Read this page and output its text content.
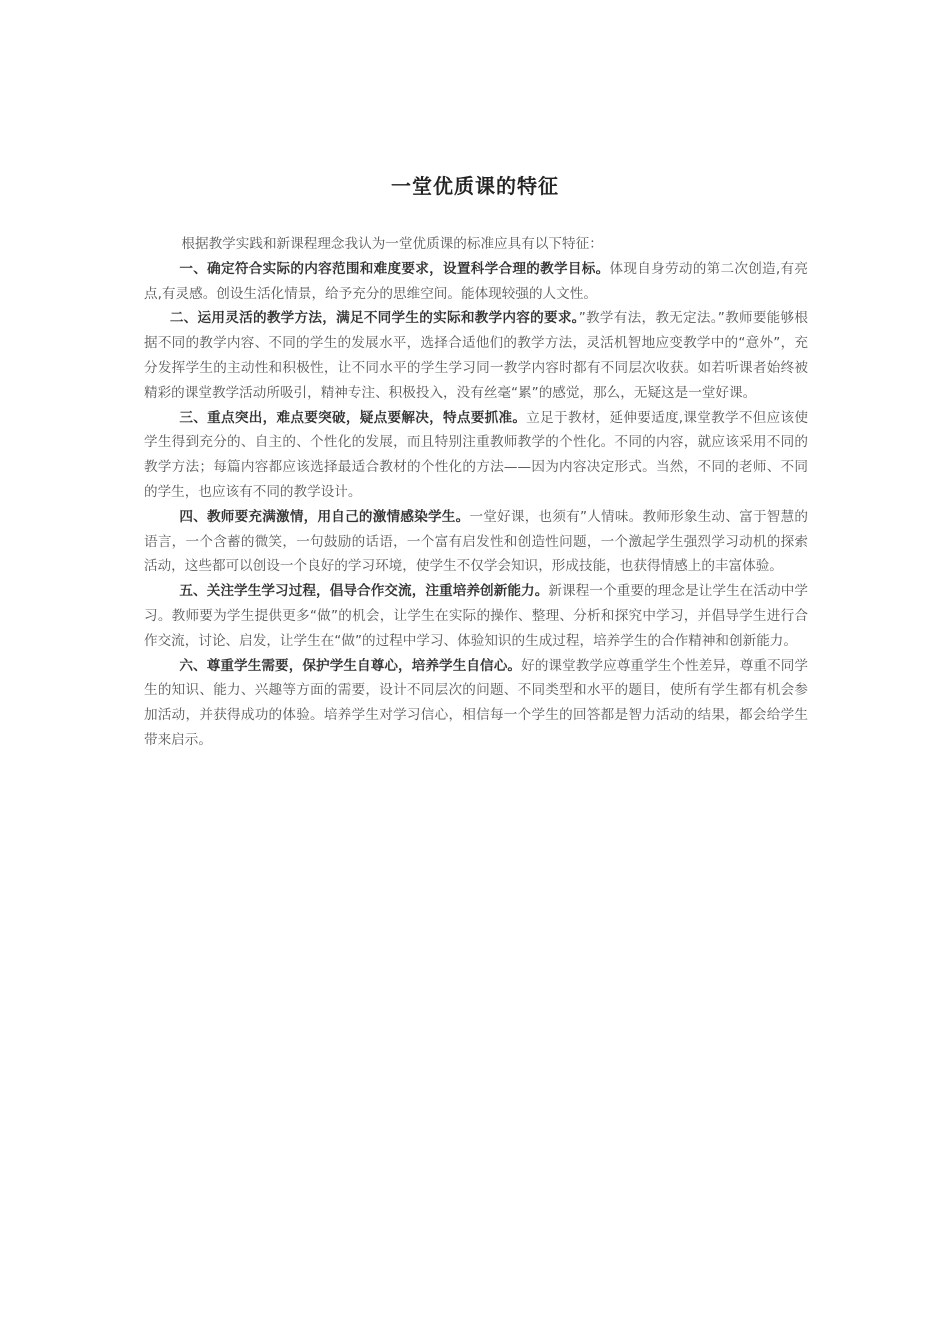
一堂优质课的特征

根据教学实践和新课程理念我认为一堂优质课的标准应具有以下特征：

一、确定符合实际的内容范围和难度要求，设置科学合理的教学目标。体现自身劳动的第二次创造,有亮点,有灵感。创设生活化情景，给予充分的思维空间。能体现较强的人文性。

二、运用灵活的教学方法，满足不同学生的实际和教学内容的要求。”教学有法，教无定法。”教师要能够根据不同的教学内容、不同的学生的发展水平，选择合适他们的教学方法，灵活机智地应变教学中的“意外”，充分发挥学生的主动性和积极性，让不同水平的学生学习同一教学内容时都有不同层次收获。如若听课者始终被精彩的课堂教学活动所吸引，精神专注、积极投入，没有丝毫“累”的感觉，那么，无疑这是一堂好课。

三、重点突出，难点要突破，疑点要解决，特点要抓准。立足于教材，延伸要适度,课堂教学不但应该使学生得到充分的、自主的、个性化的发展，而且特别注重教师教学的个性化。不同的内容，就应该采用不同的教学方法；每篇内容都应该选择最适合教材的个性化的方法——因为内容决定形式。当然，不同的老师、不同的学生，也应该有不同的教学设计。

四、教师要充满激情，用自己的激情感染学生。一堂好课，也须有”人情味。教师形象生动、富于智慧的语言，一个含蓄的微笑，一句鼓励的话语，一个富有启发性和创造性问题，一个激起学生强烈学习动机的探索活动，这些都可以创设一个良好的学习环境，使学生不仅学会知识，形成技能，也获得情感上的丰富体验。

五、关注学生学习过程，倡导合作交流，注重培养创新能力。新课程一个重要的理念是让学生在活动中学习。教师要为学生提供更多“做”的机会，让学生在实际的操作、整理、分析和探究中学习，并倡导学生进行合作交流，讨论、启发，让学生在“做”的过程中学习、体验知识的生成过程，培养学生的合作精神和创新能力。

六、尊重学生需要，保护学生自尊心，培养学生自信心。好的课堂教学应尊重学生个性差异，尊重不同学生的知识、能力、兴趣等方面的需要，设计不同层次的问题、不同类型和水平的题目，使所有学生都有机会参加活动，并获得成功的体验。培养学生对学习信心，相信每一个学生的回答都是智力活动的结果，都会给学生带来启示。
